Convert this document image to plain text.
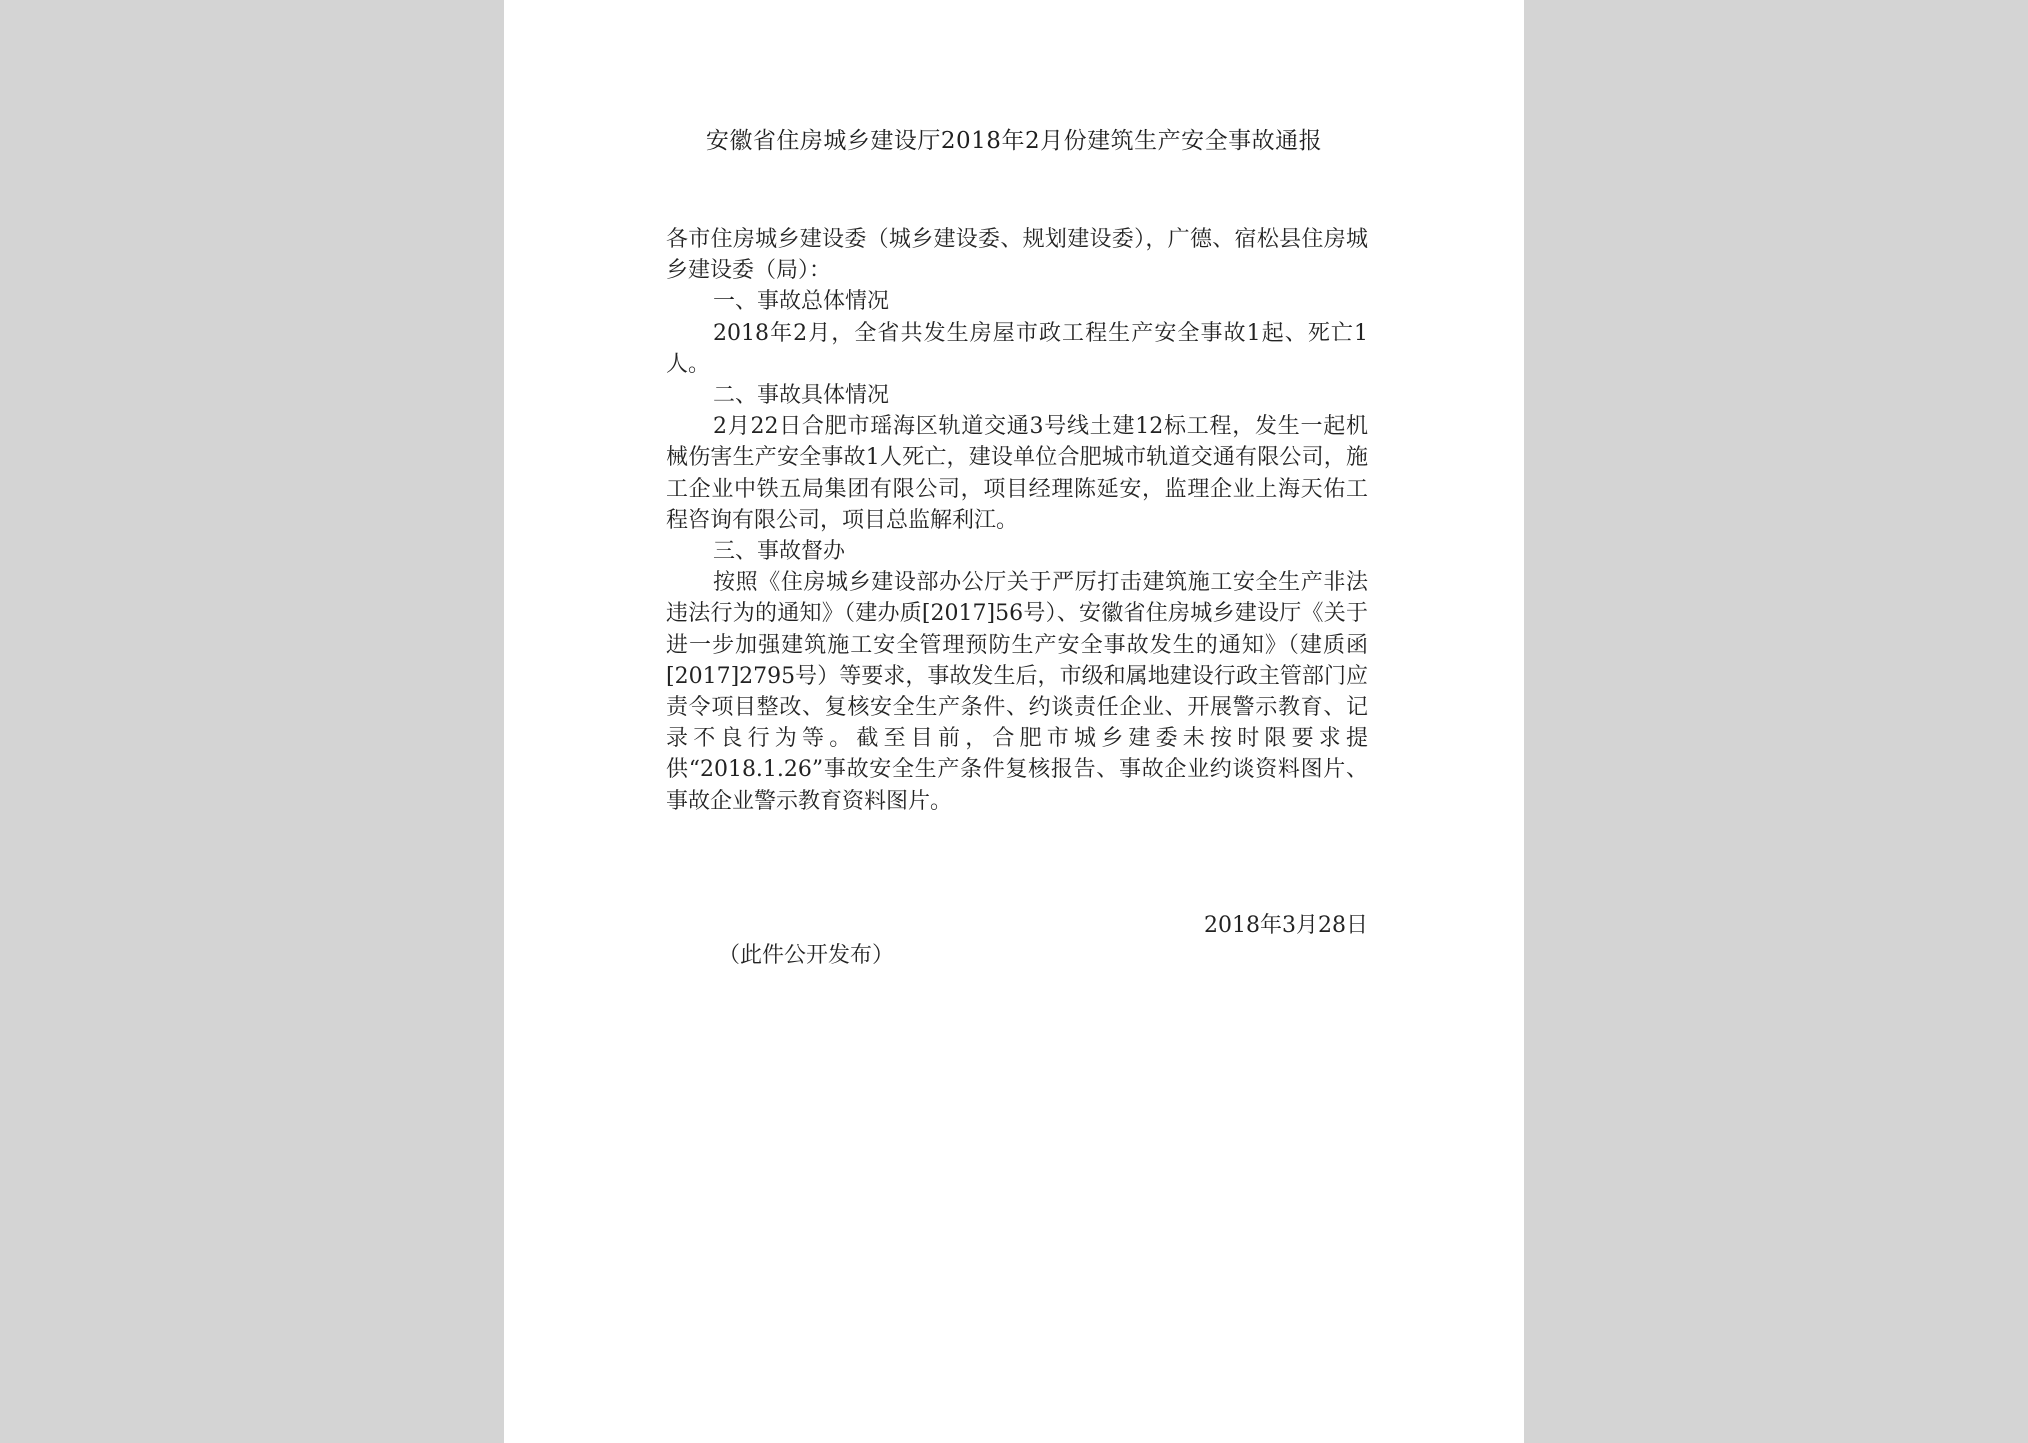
安徽省住房城乡建设厅2018年2月份建筑生产安全事故通报

各市住房城乡建设委（城乡建设委、规划建设委），广德、宿松县住房城乡建设委（局）：

一、事故总体情况

2018年2月，全省共发生房屋市政工程生产安全事故1起、死亡1人。

二、事故具体情况

2月22日合肥市瑶海区轨道交通3号线土建12标工程，发生一起机械伤害生产安全事故1人死亡，建设单位合肥城市轨道交通有限公司，施工企业中铁五局集团有限公司，项目经理陈延安，监理企业上海天佑工程咨询有限公司，项目总监解利江。

三、事故督办

按照《住房城乡建设部办公厅关于严厉打击建筑施工安全生产非法违法行为的通知》（建办质[2017]56号）、安徽省住房城乡建设厅《关于进一步加强建筑施工安全管理预防生产安全事故发生的通知》（建质函[2017]2795号）等要求，事故发生后，市级和属地建设行政主管部门应责令项目整改、复核安全生产条件、约谈责任企业、开展警示教育、记录不良行为等。截至目前，合肥市城乡建委未按时限要求提供“2018.1.26”事故安全生产条件复核报告、事故企业约谈资料图片、事故企业警示教育资料图片。

2018年3月28日
（此件公开发布）
